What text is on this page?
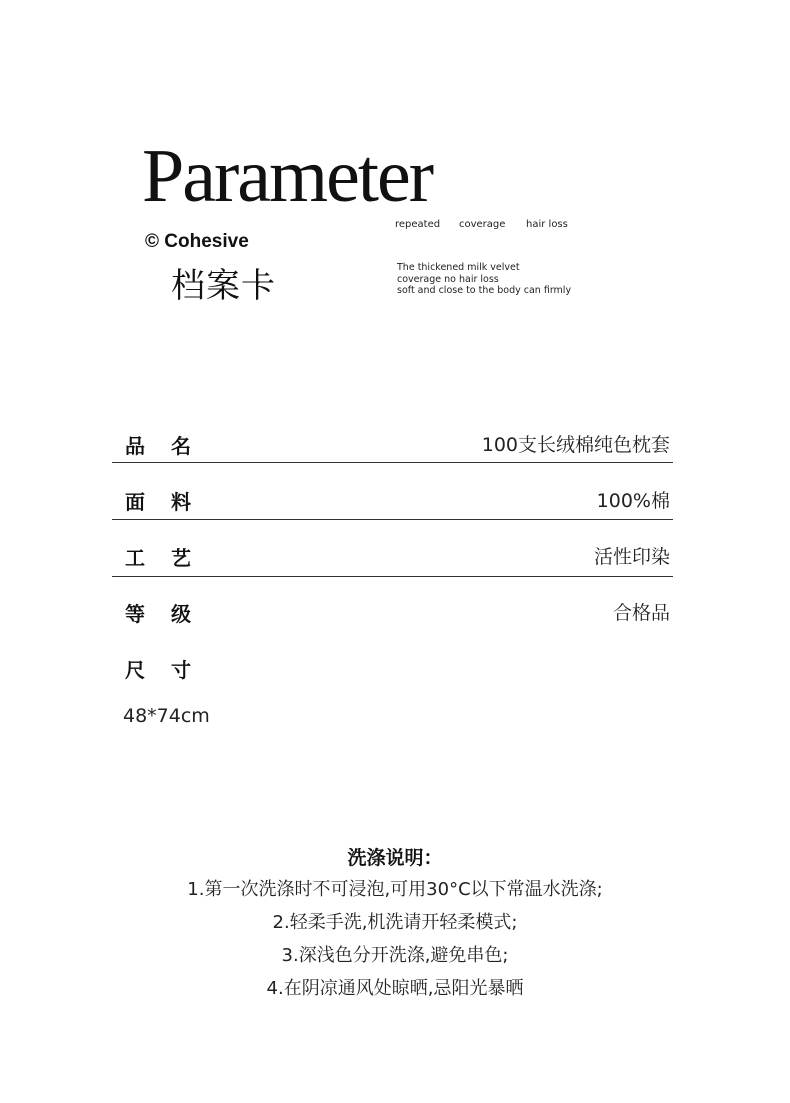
Parameter
repeated coverage hair loss
© Cohesive
档案卡	The thickened milk velvet
coverage no hair loss
soft and close to the body can firmly
品名	100支长绒棉纯色枕套
面料	100%棉
工艺	活性印染
等级	合格品
尺寸
48*74cm
洗涤说明：
1.第一次洗涤时不可浸泡,可用30°C以下常温水洗涤;
2.轻柔手洗,机洗请开轻柔模式;
3.深浅色分开洗涤,避免串色;
4.在阴凉通风处晾晒,忌阳光暴晒
